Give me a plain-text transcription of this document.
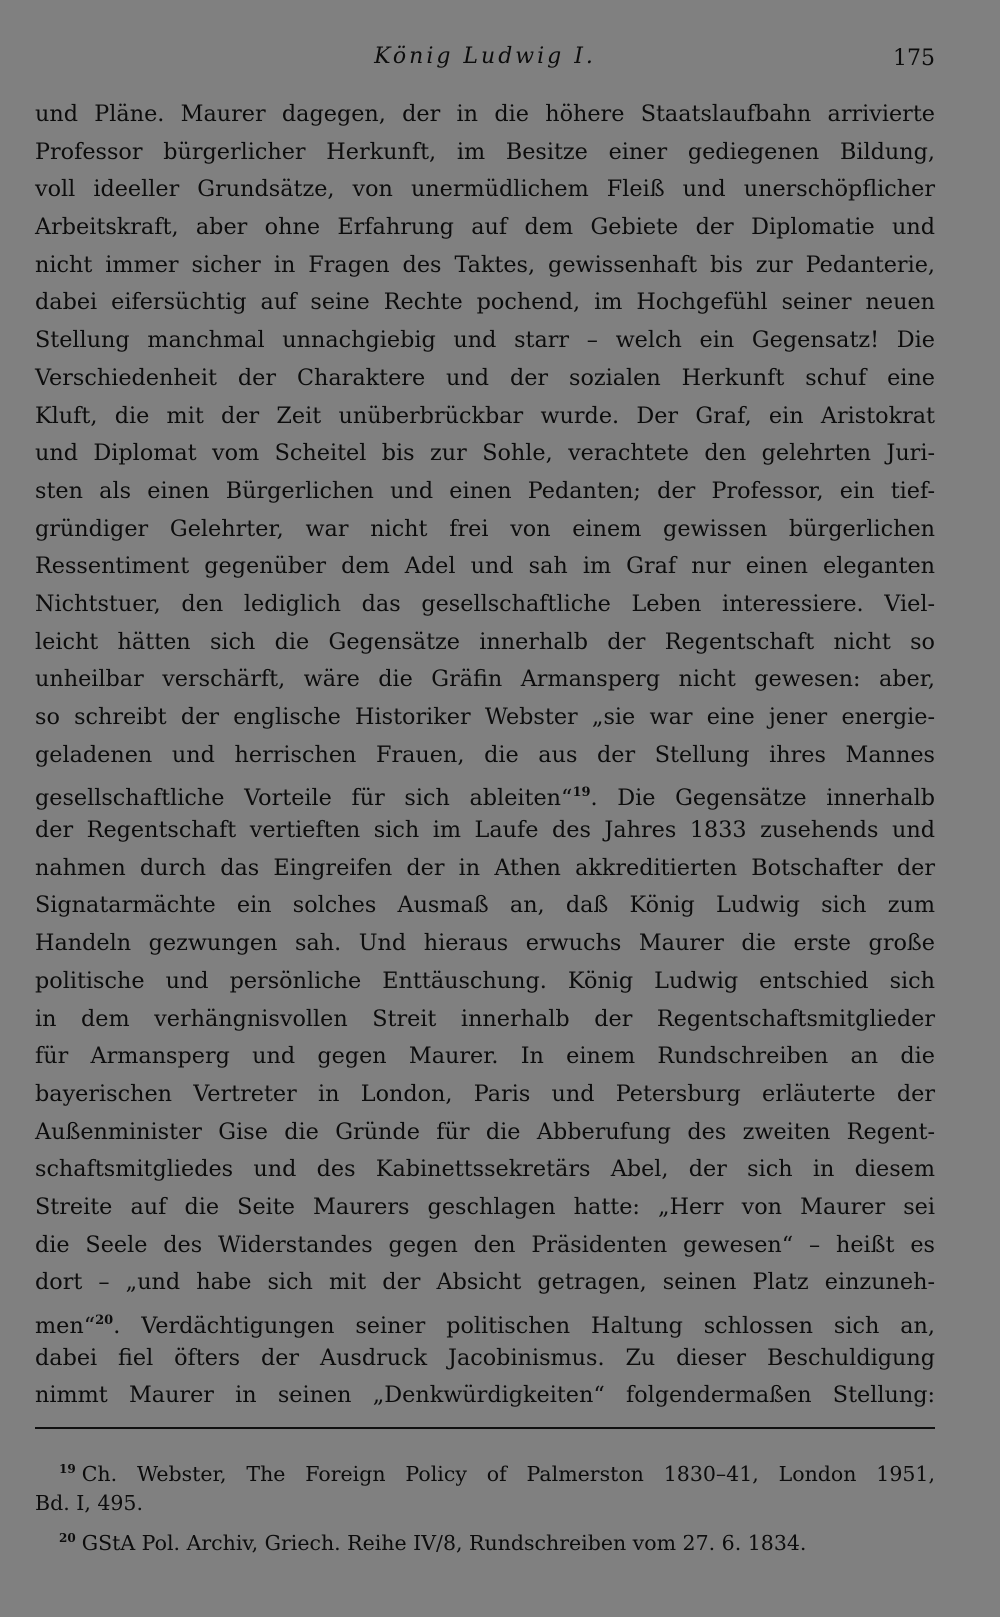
König Ludwig I.	175
und Pläne. Maurer dagegen, der in die höhere Staatslaufbahn arrivierte
Professor bürgerlicher Herkunft, im Besitze einer gediegenen Bildung,
voll ideeller Grundsätze, von unermüdlichem Fleiß und unerschöpflicher
Arbeitskraft, aber ohne Erfahrung auf dem Gebiete der Diplomatie und
nicht immer sicher in Fragen des Taktes, gewissenhaft bis zur Pedanterie,
dabei eifersüchtig auf seine Rechte pochend, im Hochgefühl seiner neuen
Stellung manchmal unnachgiebig und starr – welch ein Gegensatz! Die
Verschiedenheit der Charaktere und der sozialen Herkunft schuf eine
Kluft, die mit der Zeit unüberbrückbar wurde. Der Graf, ein Aristokrat
und Diplomat vom Scheitel bis zur Sohle, verachtete den gelehrten Juri-
sten als einen Bürgerlichen und einen Pedanten; der Professor, ein tief-
gründiger Gelehrter, war nicht frei von einem gewissen bürgerlichen
Ressentiment gegenüber dem Adel und sah im Graf nur einen eleganten
Nichtstuer, den lediglich das gesellschaftliche Leben interessiere. Viel-
leicht hätten sich die Gegensätze innerhalb der Regentschaft nicht so
unheilbar verschärft, wäre die Gräfin Armansperg nicht gewesen: aber,
so schreibt der englische Historiker Webster „sie war eine jener energie-
geladenen und herrischen Frauen, die aus der Stellung ihres Mannes
gesellschaftliche Vorteile für sich ableiten“$^{19}$. Die Gegensätze innerhalb
der Regentschaft vertieften sich im Laufe des Jahres 1833 zusehends und
nahmen durch das Eingreifen der in Athen akkreditierten Botschafter der
Signatarmächte ein solches Ausmaß an, daß König Ludwig sich zum
Handeln gezwungen sah. Und hieraus erwuchs Maurer die erste große
politische und persönliche Enttäuschung. König Ludwig entschied sich
in dem verhängnisvollen Streit innerhalb der Regentschaftsmitglieder
für Armansperg und gegen Maurer. In einem Rundschreiben an die
bayerischen Vertreter in London, Paris und Petersburg erläuterte der
Außenminister Gise die Gründe für die Abberufung des zweiten Regent-
schaftsmitgliedes und des Kabinettssekretärs Abel, der sich in diesem
Streite auf die Seite Maurers geschlagen hatte: „Herr von Maurer sei
die Seele des Widerstandes gegen den Präsidenten gewesen“ – heißt es
dort – „und habe sich mit der Absicht getragen, seinen Platz einzuneh-
men“$^{20}$. Verdächtigungen seiner politischen Haltung schlossen sich an,
dabei fiel öfters der Ausdruck Jacobinismus. Zu dieser Beschuldigung
nimmt Maurer in seinen „Denkwürdigkeiten“ folgendermaßen Stellung:
$^{19}$ Ch. Webster, The Foreign Policy of Palmerston 1830–41, London 1951,
Bd. I, 495.
$^{20}$ GStA Pol. Archiv, Griech. Reihe IV/8, Rundschreiben vom 27. 6. 1834.
